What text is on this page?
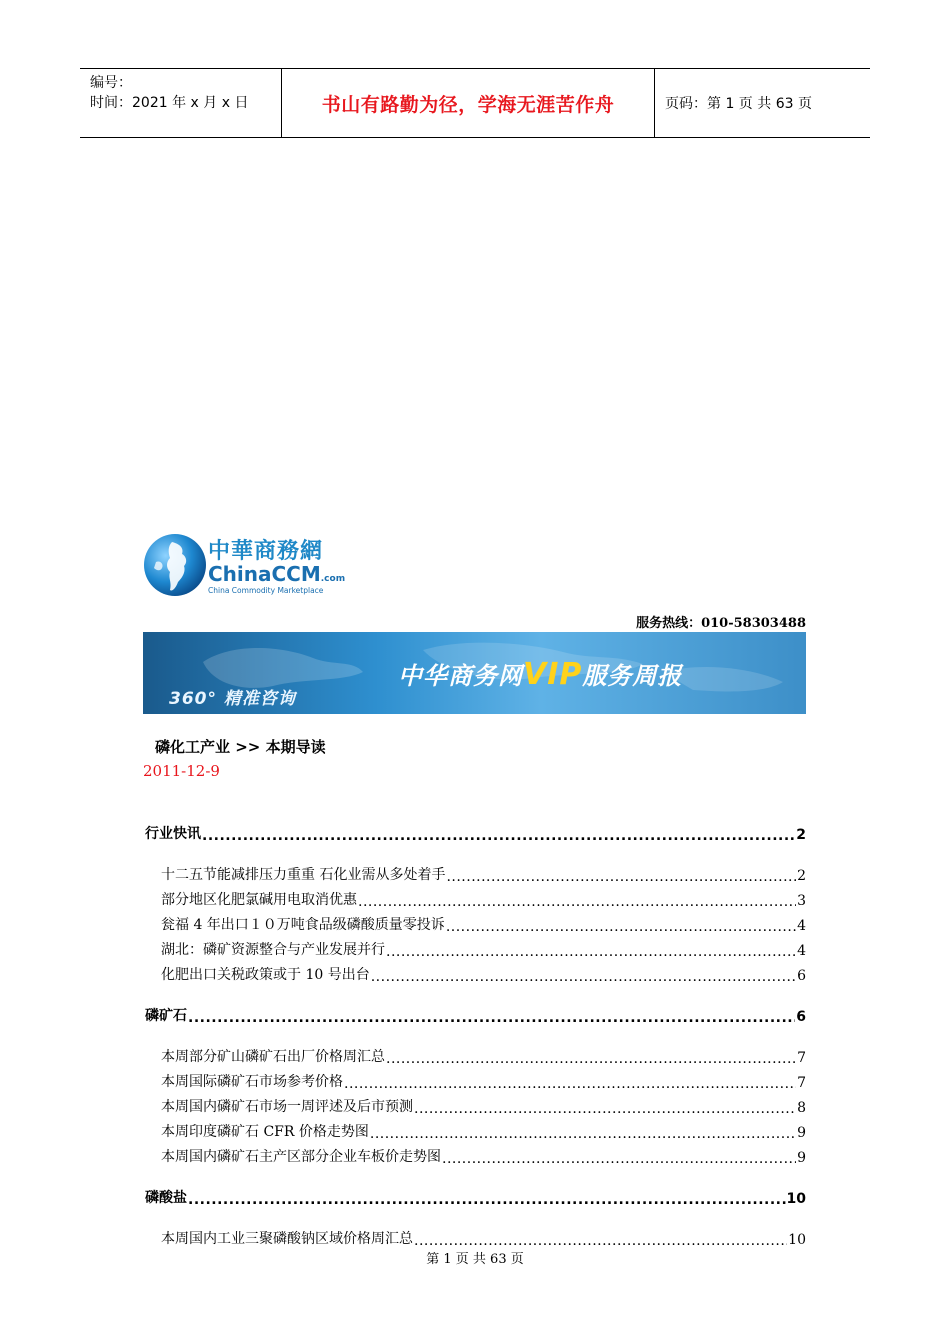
编号：
时间：2021 年 x 月 x 日	书山有路勤为径，学海无涯苦作舟	页码：第 1 页 共 63 页
中華商務網
ChinaCCM.com
China Commodity Marketplace
服务热线：010-58303488
360° 精准咨询
中华商务网VIP服务周报
磷化工产业 >> 本期导读
2011-12-9
行业快讯 .....	2
十二五节能减排压力重重 石化业需从多处着手 .....	2
部分地区化肥氯碱用电取消优惠 .....	3
瓮福 4 年出口１０万吨食品级磷酸质量零投诉 .....	4
湖北：磷矿资源整合与产业发展并行 .....	4
化肥出口关税政策或于 10 号出台 .....	6
磷矿石 .....	6
本周部分矿山磷矿石出厂价格周汇总 .....	7
本周国际磷矿石市场参考价格 .....	7
本周国内磷矿石市场一周评述及后市预测 .....	8
本周印度磷矿石 CFR 价格走势图 .....	9
本周国内磷矿石主产区部分企业车板价走势图 .....	9
磷酸盐 .....	10
本周国内工业三聚磷酸钠区域价格周汇总 .....	10
第 1 页 共 63 页
